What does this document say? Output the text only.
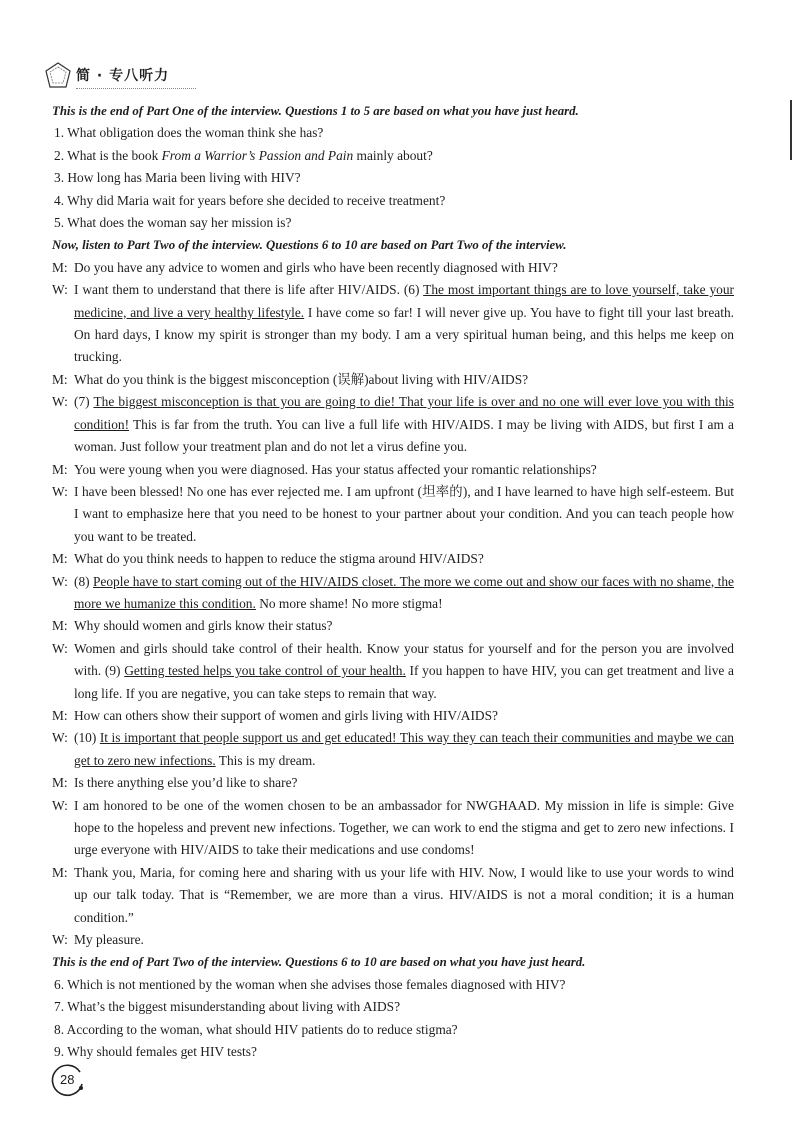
简 · 专八听力
This is the end of Part One of the interview. Questions 1 to 5 are based on what you have just heard.
1. What obligation does the woman think she has?
2. What is the book From a Warrior’s Passion and Pain mainly about?
3. How long has Maria been living with HIV?
4. Why did Maria wait for years before she decided to receive treatment?
5. What does the woman say her mission is?
Now, listen to Part Two of the interview. Questions 6 to 10 are based on Part Two of the interview.
M: Do you have any advice to women and girls who have been recently diagnosed with HIV?
W: I want them to understand that there is life after HIV/AIDS. (6) The most important things are to love yourself, take your medicine, and live a very healthy lifestyle. I have come so far! I will never give up. You have to fight till your last breath. On hard days, I know my spirit is stronger than my body. I am a very spiritual human being, and this helps me keep on trucking.
M: What do you think is the biggest misconception (误解)about living with HIV/AIDS?
W: (7) The biggest misconception is that you are going to die! That your life is over and no one will ever love you with this condition! This is far from the truth. You can live a full life with HIV/AIDS. I may be living with AIDS, but first I am a woman. Just follow your treatment plan and do not let a virus define you.
M: You were young when you were diagnosed. Has your status affected your romantic relationships?
W: I have been blessed! No one has ever rejected me. I am upfront (坦率的), and I have learned to have high self-esteem. But I want to emphasize here that you need to be honest to your partner about your condition. And you can teach people how you want to be treated.
M: What do you think needs to happen to reduce the stigma around HIV/AIDS?
W: (8) People have to start coming out of the HIV/AIDS closet. The more we come out and show our faces with no shame, the more we humanize this condition. No more shame! No more stigma!
M: Why should women and girls know their status?
W: Women and girls should take control of their health. Know your status for yourself and for the person you are involved with. (9) Getting tested helps you take control of your health. If you happen to have HIV, you can get treatment and live a long life. If you are negative, you can take steps to remain that way.
M: How can others show their support of women and girls living with HIV/AIDS?
W: (10) It is important that people support us and get educated! This way they can teach their communities and maybe we can get to zero new infections. This is my dream.
M: Is there anything else you’d like to share?
W: I am honored to be one of the women chosen to be an ambassador for NWGHAAD. My mission in life is simple: Give hope to the hopeless and prevent new infections. Together, we can work to end the stigma and get to zero new infections. I urge everyone with HIV/AIDS to take their medications and use condoms!
M: Thank you, Maria, for coming here and sharing with us your life with HIV. Now, I would like to use your words to wind up our talk today. That is “Remember, we are more than a virus. HIV/AIDS is not a moral condition; it is a human condition.”
W: My pleasure.
This is the end of Part Two of the interview. Questions 6 to 10 are based on what you have just heard.
6. Which is not mentioned by the woman when she advises those females diagnosed with HIV?
7. What’s the biggest misunderstanding about living with AIDS?
8. According to the woman, what should HIV patients do to reduce stigma?
9. Why should females get HIV tests?
28
